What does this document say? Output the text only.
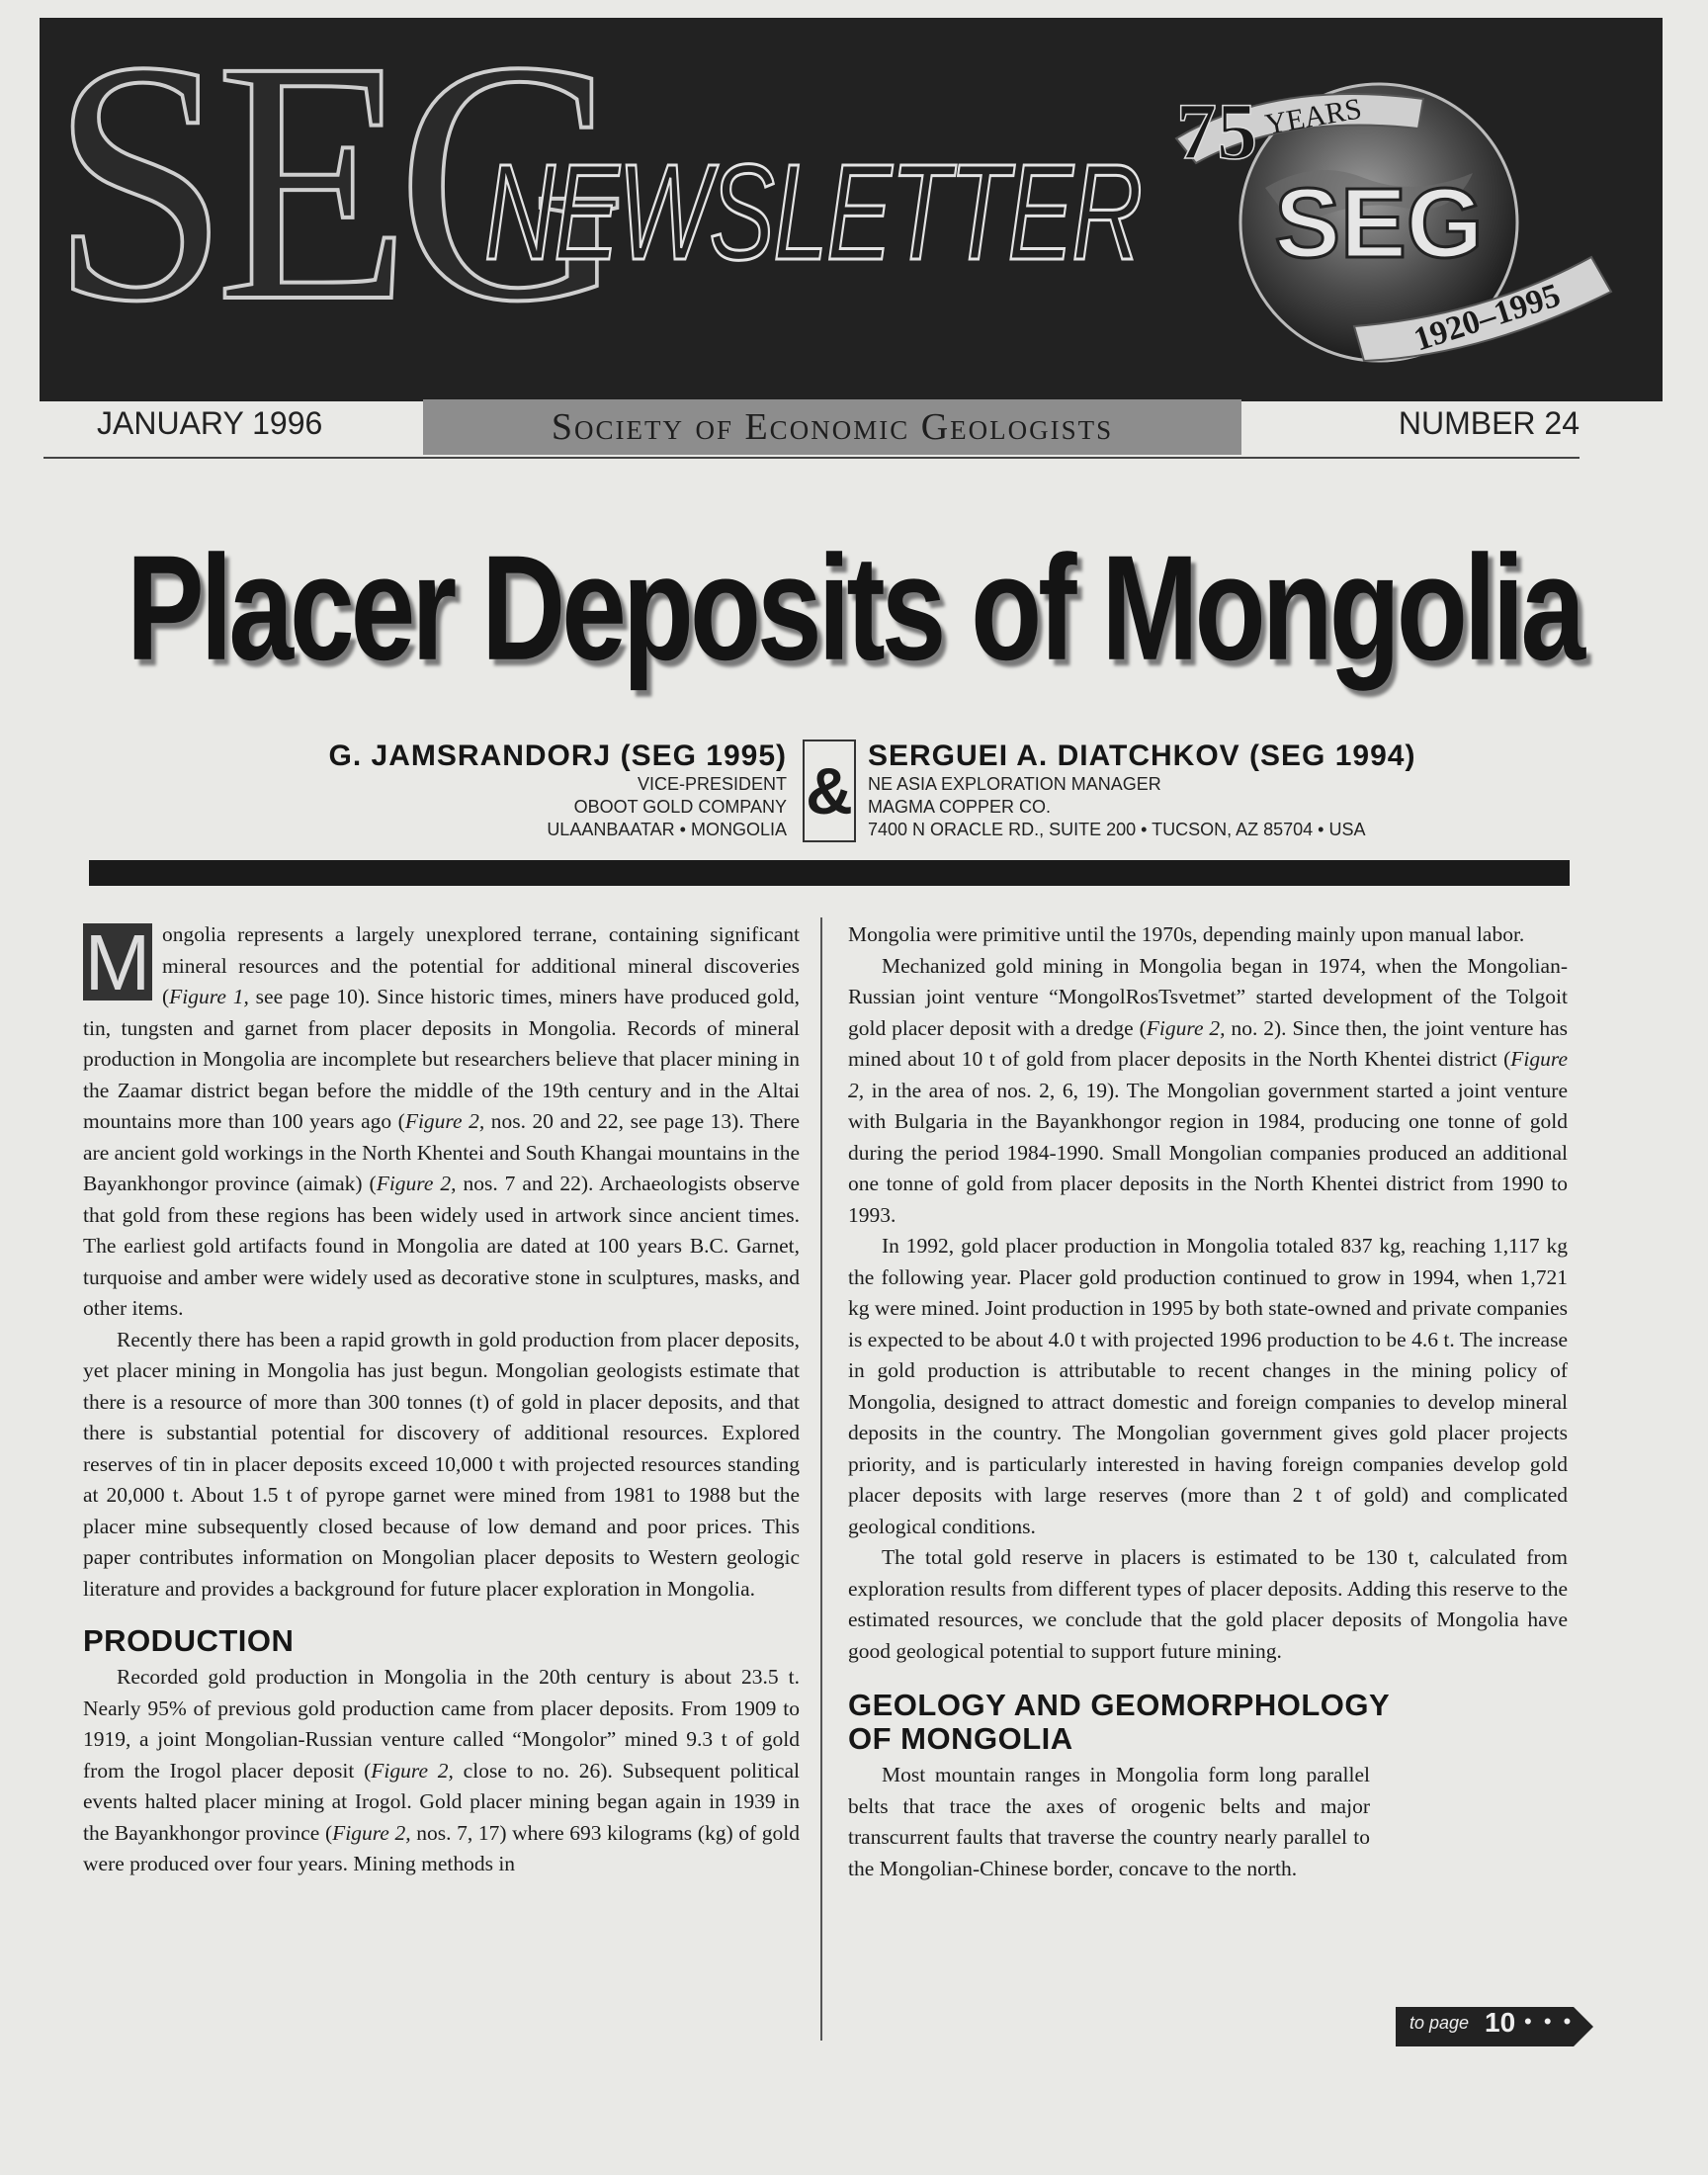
SEG
NEWSLETTER
75 YEARS
SEG
1920–1995
JANUARY 1996	Society of Economic Geologists	NUMBER 24
Placer Deposits of Mongolia
G. JAMSRANDORJ (SEG 1995)
VICE-PRESIDENT
OBOOT GOLD COMPANY
ULAANBAATAR • MONGOLIA
& SERGUEI A. DIATCHKOV (SEG 1994)
NE ASIA EXPLORATION MANAGER
MAGMA COPPER CO.
7400 N ORACLE RD., SUITE 200 • TUCSON, AZ 85704 • USA

M ongolia represents a largely unexplored terrane, containing significant mineral resources and the potential for additional mineral discoveries (Figure 1, see page 10). Since historic times, miners have produced gold, tin, tungsten and garnet from placer deposits in Mongolia. Records of mineral production in Mongolia are incomplete but researchers believe that placer mining in the Zaamar district began before the middle of the 19th century and in the Altai mountains more than 100 years ago (Figure 2, nos. 20 and 22, see page 13). There are ancient gold workings in the North Khentei and South Khangai mountains in the Bayankhongor province (aimak) (Figure 2, nos. 7 and 22). Archaeologists observe that gold from these regions has been widely used in artwork since ancient times. The earliest gold artifacts found in Mongolia are dated at 100 years B.C. Garnet, turquoise and amber were widely used as decorative stone in sculptures, masks, and other items.

Recently there has been a rapid growth in gold production from placer deposits, yet placer mining in Mongolia has just begun. Mongolian geologists estimate that there is a resource of more than 300 tonnes (t) of gold in placer deposits, and that there is substantial potential for discovery of additional resources. Explored reserves of tin in placer deposits exceed 10,000 t with projected resources standing at 20,000 t. About 1.5 t of pyrope garnet were mined from 1981 to 1988 but the placer mine subsequently closed because of low demand and poor prices. This paper contributes information on Mongolian placer deposits to Western geologic literature and provides a background for future placer exploration in Mongolia.

PRODUCTION

Recorded gold production in Mongolia in the 20th century is about 23.5 t. Nearly 95% of previous gold production came from placer deposits. From 1909 to 1919, a joint Mongolian-Russian venture called “Mongolor” mined 9.3 t of gold from the Irogol placer deposit (Figure 2, close to no. 26). Subsequent political events halted placer mining at Irogol. Gold placer mining began again in 1939 in the Bayankhongor province (Figure 2, nos. 7, 17) where 693 kilograms (kg) of gold were produced over four years. Mining methods in

Mongolia were primitive until the 1970s, depending mainly upon manual labor.

Mechanized gold mining in Mongolia began in 1974, when the Mongolian-Russian joint venture “MongolRosTsvetmet” started development of the Tolgoit gold placer deposit with a dredge (Figure 2, no. 2). Since then, the joint venture has mined about 10 t of gold from placer deposits in the North Khentei district (Figure 2, in the area of nos. 2, 6, 19). The Mongolian government started a joint venture with Bulgaria in the Bayankhongor region in 1984, producing one tonne of gold during the period 1984-1990. Small Mongolian companies produced an additional one tonne of gold from placer deposits in the North Khentei district from 1990 to 1993.

In 1992, gold placer production in Mongolia totaled 837 kg, reaching 1,117 kg the following year. Placer gold production continued to grow in 1994, when 1,721 kg were mined. Joint production in 1995 by both state-owned and private companies is expected to be about 4.0 t with projected 1996 production to be 4.6 t. The increase in gold production is attributable to recent changes in the mining policy of Mongolia, designed to attract domestic and foreign companies to develop mineral deposits in the country. The Mongolian government gives gold placer projects priority, and is particularly interested in having foreign companies develop gold placer deposits with large reserves (more than 2 t of gold) and complicated geological conditions.

The total gold reserve in placers is estimated to be 130 t, calculated from exploration results from different types of placer deposits. Adding this reserve to the estimated resources, we conclude that the gold placer deposits of Mongolia have good geological potential to support future mining.

GEOLOGY AND GEOMORPHOLOGY
OF MONGOLIA

Most mountain ranges in Mongolia form long parallel belts that trace the axes of orogenic belts and major transcurrent faults that traverse the country nearly parallel to the Mongolian-Chinese border, concave to the north.

to page 10 • • •
